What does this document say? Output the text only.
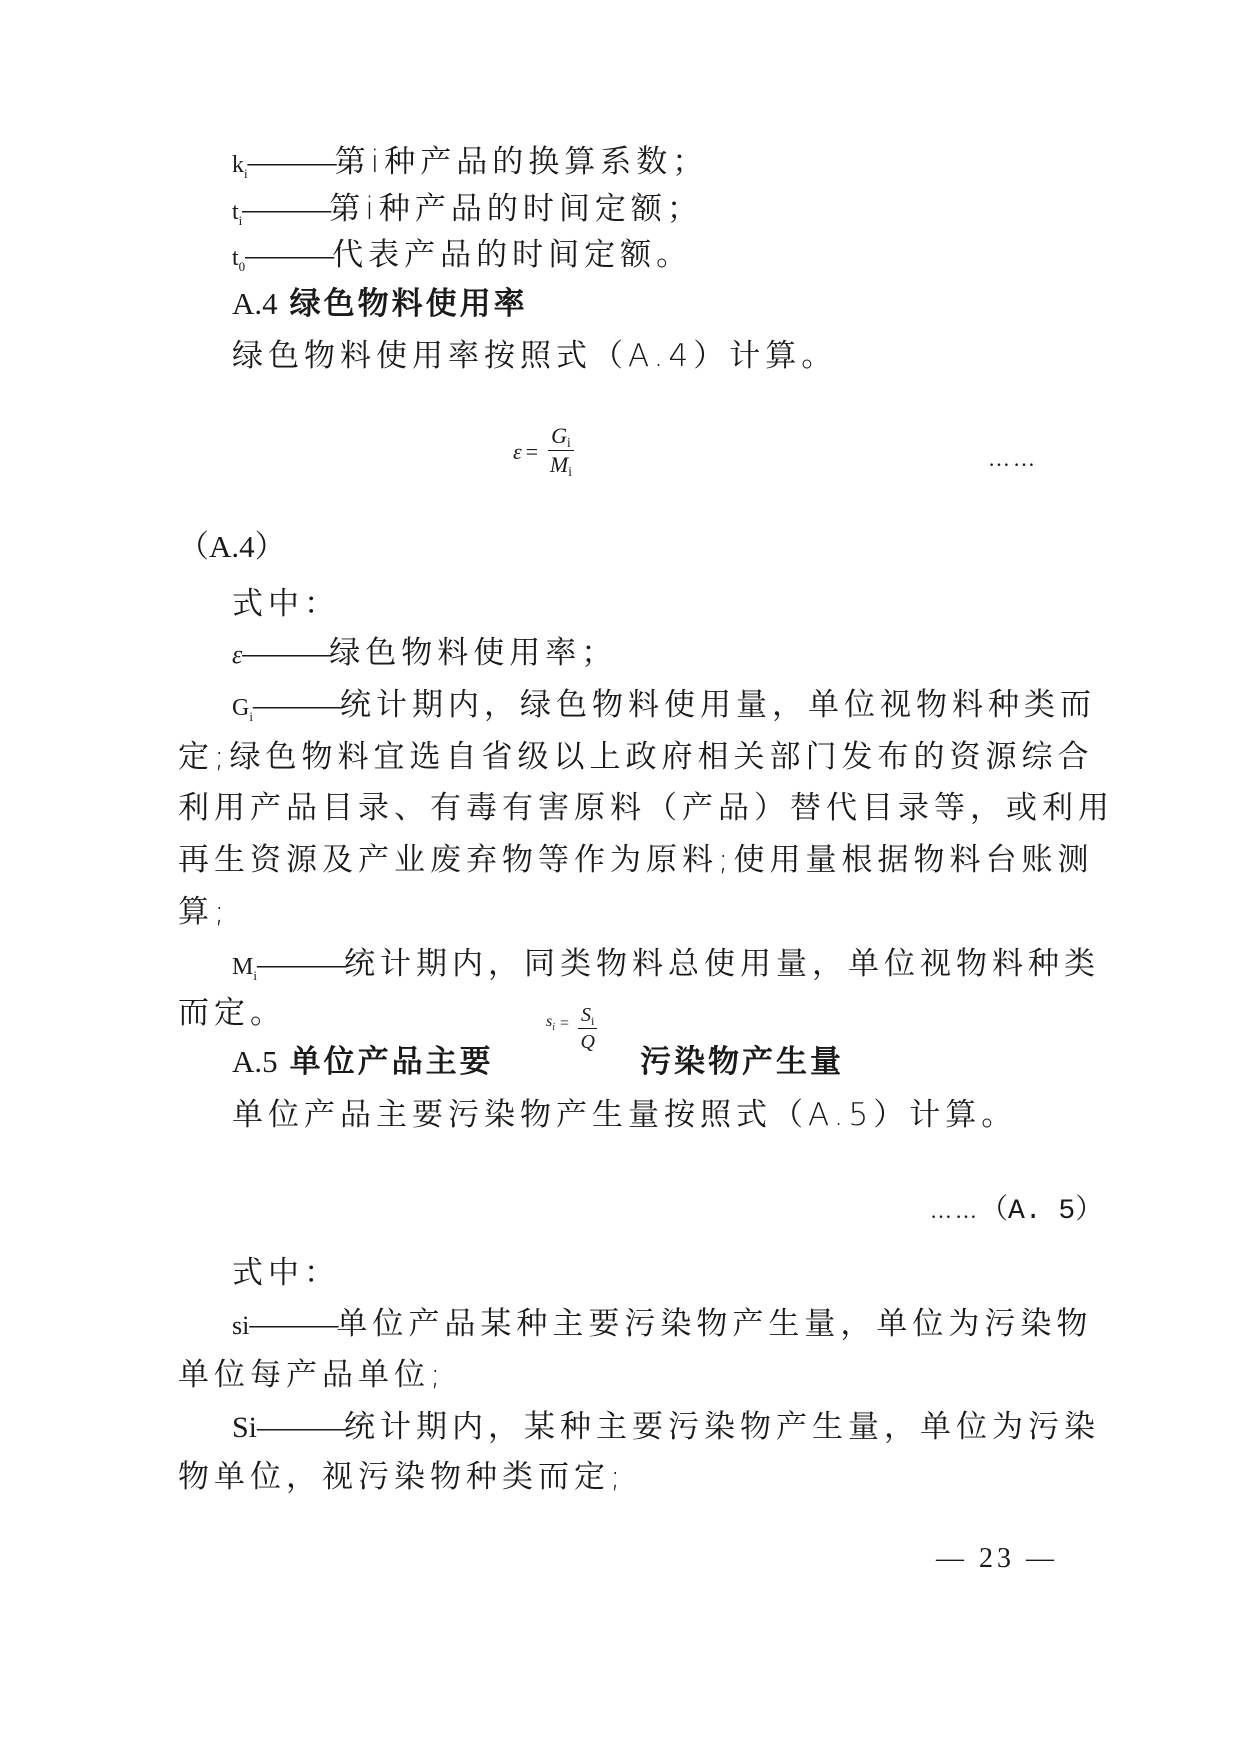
$k_i———$第i种产品的换算系数；
$t_i———$第i种产品的时间定额；
$t_0———$代表产品的时间定额。
A.4 绿色物料使用率
绿色物料使用率按照式（A.4）计算。
$\varepsilon = \frac{G_i}{M_i}$	……
（A.4）
式中：
ε———绿色物料使用率；
$G_i———$统计期内，绿色物料使用量，单位视物料种类而
定;绿色物料宜选自省级以上政府相关部门发布的资源综合
利用产品目录、有毒有害原料（产品）替代目录等，或利用
再生资源及产业废弃物等作为原料;使用量根据物料台账测
算;
$M_i———$统计期内，同类物料总使用量，单位视物料种类
而定。
A.5 单位产品主要
$s_i = \frac{S_i}{Q}$
污染物产生量
单位产品主要污染物产生量按照式（A.5）计算。
……（A. 5）
式中：
si———单位产品某种主要污染物产生量，单位为污染物
单位每产品单位;
Si———统计期内，某种主要污染物产生量，单位为污染
物单位，视污染物种类而定;
— 23 —
